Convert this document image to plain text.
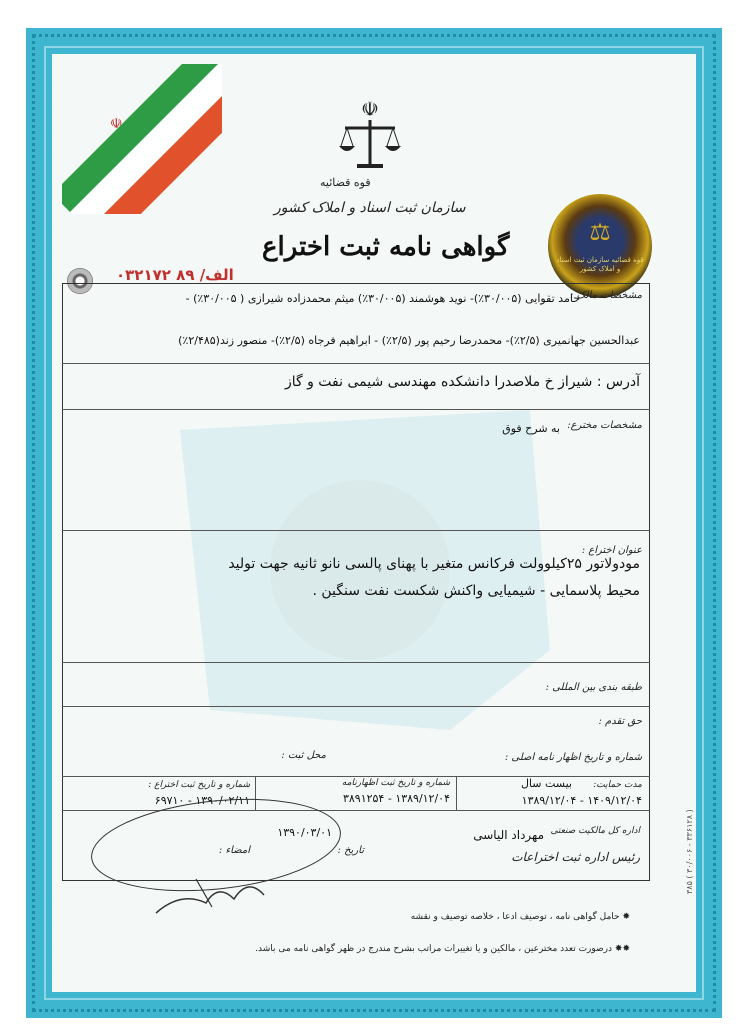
☫
☫
قوه قضائیه
سازمان ثبت اسناد و املاک کشور
گواهی نامه ثبت اختراع
الف/ ۸۹ ۰۳۲۱۷۲
⚖
قوه قضائیه سازمان ثبت اسناد و املاک کشور
۳۸۵ ( ۳۰/۰۰۶ - ۳۳۶۱۲۸ )
مشخصات مالک :
حامد تقوایی (۳۰/۰۰۵٪)- نوید هوشمند (۳۰/۰۰۵٪) میثم محمدزاده شیرازی ( ۳۰/۰۰۵٪) -
عبدالحسین جهانمیری (۲/۵٪)- محمدرضا رحیم پور (۲/۵٪) - ابراهیم فرجاه (۲/۵٪)- منصور زند(۲/۴۸۵٪)
آدرس : شیراز خ ملاصدرا دانشکده مهندسی شیمی نفت و گاز
مشخصات مخترع:
به شرح فوق
عنوان اختراع :
مودولاتور ۲۵کیلوولت فرکانس متغیر با پهنای پالسی نانو ثانیه جهت تولید
محیط پلاسمایی - شیمیایی واکنش شکست نفت سنگین .
طبقه بندی بین المللی :
حق تقدم :
شماره و تاریخ اظهار نامه اصلی :
محل ثبت :
مدت حمایت:
بیست سال
۱۴۰۹/۱۲/۰۴ - ۱۳۸۹/۱۲/۰۴
شماره و تاریخ ثبت اظهارنامه
۱۳۸۹/۱۲/۰۴ - ۳۸۹۱۲۵۴
شماره و تاریخ ثبت اختراع :
۱۳۹۰/۰۲/۱۱ - ۶۹۷۱۰
اداره کل مالکیت صنعتی
رئیس اداره ثبت اختراعات
مهرداد الیاسی
تاریخ :
۱۳۹۰/۰۳/۰۱
امضاء :
✸ حامل گواهی نامه ، توصیف ادعا ، خلاصه توصیف و نقشه
✸✸ درصورت تعدد مخترعین ، مالکین و یا تغییرات مراتب بشرح مندرج در ظهر گواهی نامه می باشد.
